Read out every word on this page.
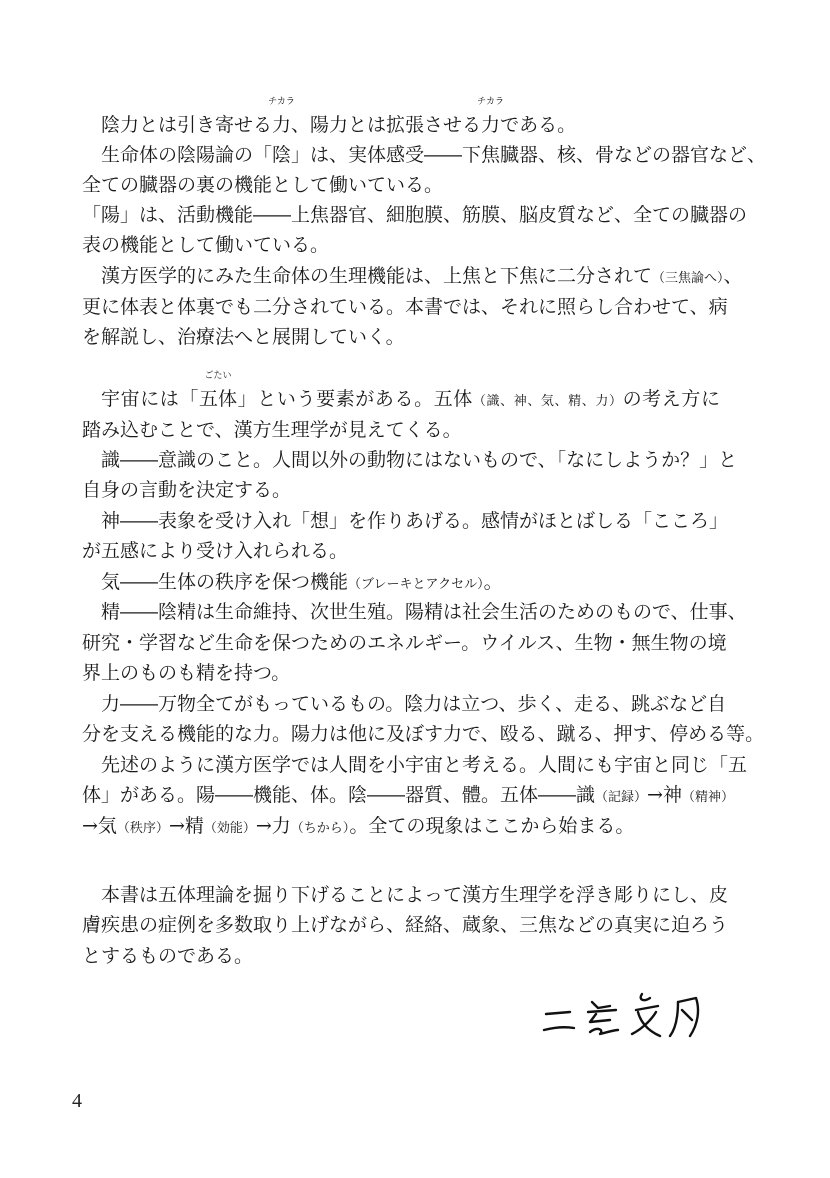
陰力とは引き寄せる力
チカラ
、陽力とは拡張させる力
チカラ
である。
生命体の陰陽論の「陰」は、実体感受――下焦臓器、核、骨などの器官など、
全ての臓器の裏の機能として働いている。
「陽」は、活動機能――上焦器官、細胞膜、筋膜、脳皮質など、全ての臓器の
表の機能として働いている。
漢方医学的にみた生命体の生理機能は、上焦と下焦に二分されて（三焦論へ）、
更に体表と体裏でも二分されている。本書では、それに照らし合わせて、病
を解説し、治療法へと展開していく。
宇宙には「五体
ごたい
」という要素がある。五体（識、神、気、精、力）の考え方に
踏み込むことで、漢方生理学が見えてくる。
識――意識のこと。人間以外の動物にはないもので、「なにしようか？」と
自身の言動を決定する。
神――表象を受け入れ「想」を作りあげる。感情がほとばしる「こころ」
が五感により受け入れられる。
気――生体の秩序を保つ機能（ブレーキとアクセル）。
精――陰精は生命維持、次世生殖。陽精は社会生活のためのもので、仕事、
研究・学習など生命を保つためのエネルギー。ウイルス、生物・無生物の境
界上のものも精を持つ。
力――万物全てがもっているもの。陰力は立つ、歩く、走る、跳ぶなど自
分を支える機能的な力。陽力は他に及ぼす力で、殴る、蹴る、押す、停める等。
先述のように漢方医学では人間を小宇宙と考える。人間にも宇宙と同じ「五
体」がある。陽――機能、体。陰――器質、體。五体――識（記録）→神（精神）
→気（秩序）→精（効能）→力（ちから）。全ての現象はここから始まる。
本書は五体理論を掘り下げることによって漢方生理学を浮き彫りにし、皮
膚疾患の症例を多数取り上げながら、経絡、蔵象、三焦などの真実に迫ろう
とするものである。
4
